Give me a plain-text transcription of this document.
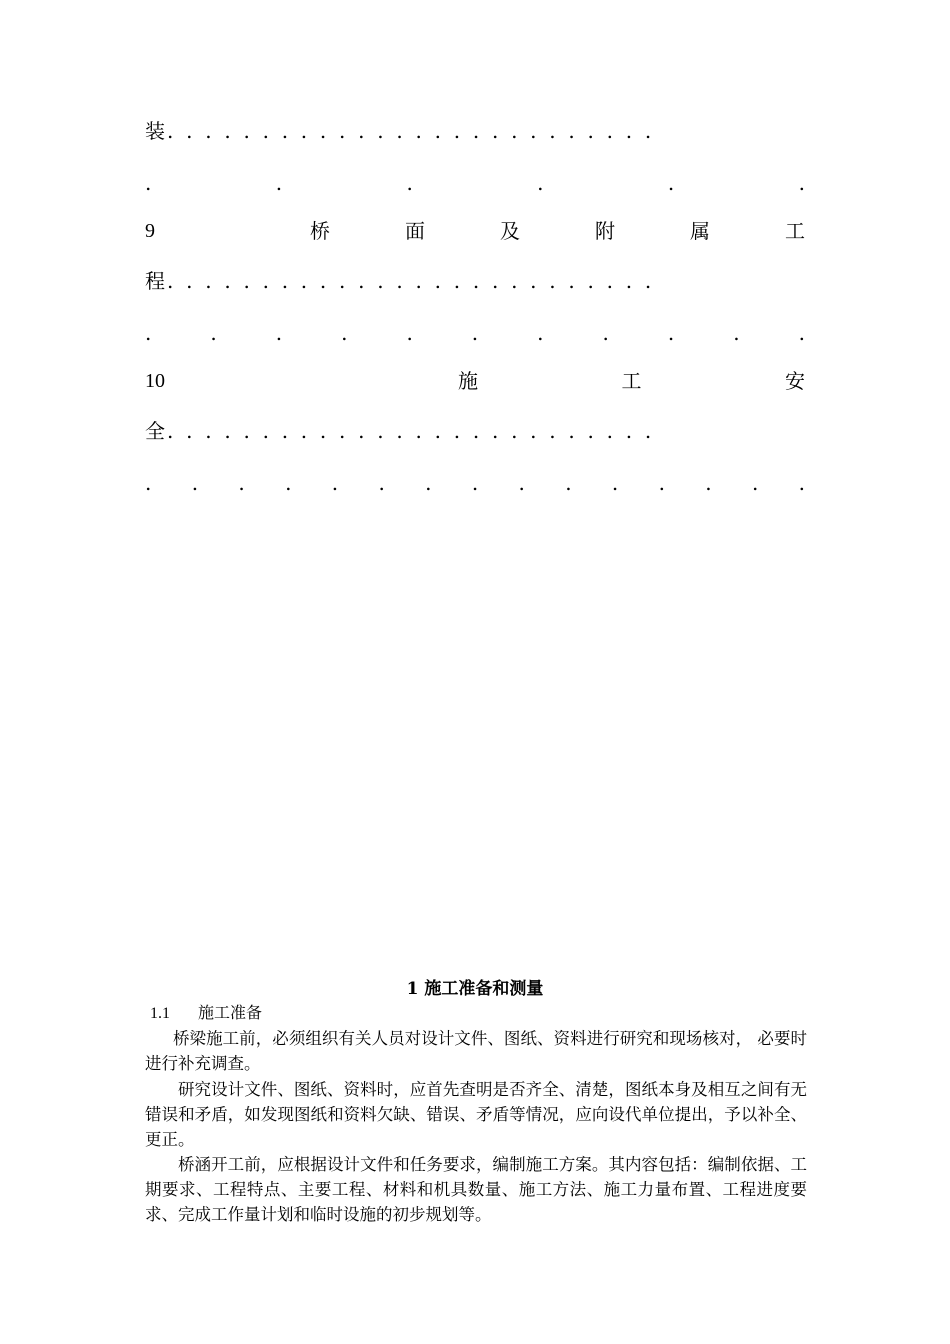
装 . . . . . . . . . . . . . . . . . . . . . . . . . .
.	.	.	.	.	.
9	桥	面	及	附	属	工
程 . . . . . . . . . . . . . . . . . . . . . . . . . .
.	.	.	.	.	.	.	.	.	.	.
10	施	工	安
全 . . . . . . . . . . . . . . . . . . . . . . . . . .
. . . . . . . . . . . . . . .
1 施工准备和测量
1.1 施工准备
桥梁施工前，必须组织有关人员对设计文件、图纸、资料进行研究和现场核对， 必要时进行补充调查。
研究设计文件、图纸、资料时，应首先查明是否齐全、清楚，图纸本身及相互之间有无错误和矛盾，如发现图纸和资料欠缺、错误、矛盾等情况，应向设代单位提出，予以补全、更正。
桥涵开工前，应根据设计文件和任务要求，编制施工方案。其内容包括：编制依据、工期要求、工程特点、主要工程、材料和机具数量、施工方法、施工力量布置、工程进度要求、完成工作量计划和临时设施的初步规划等。
